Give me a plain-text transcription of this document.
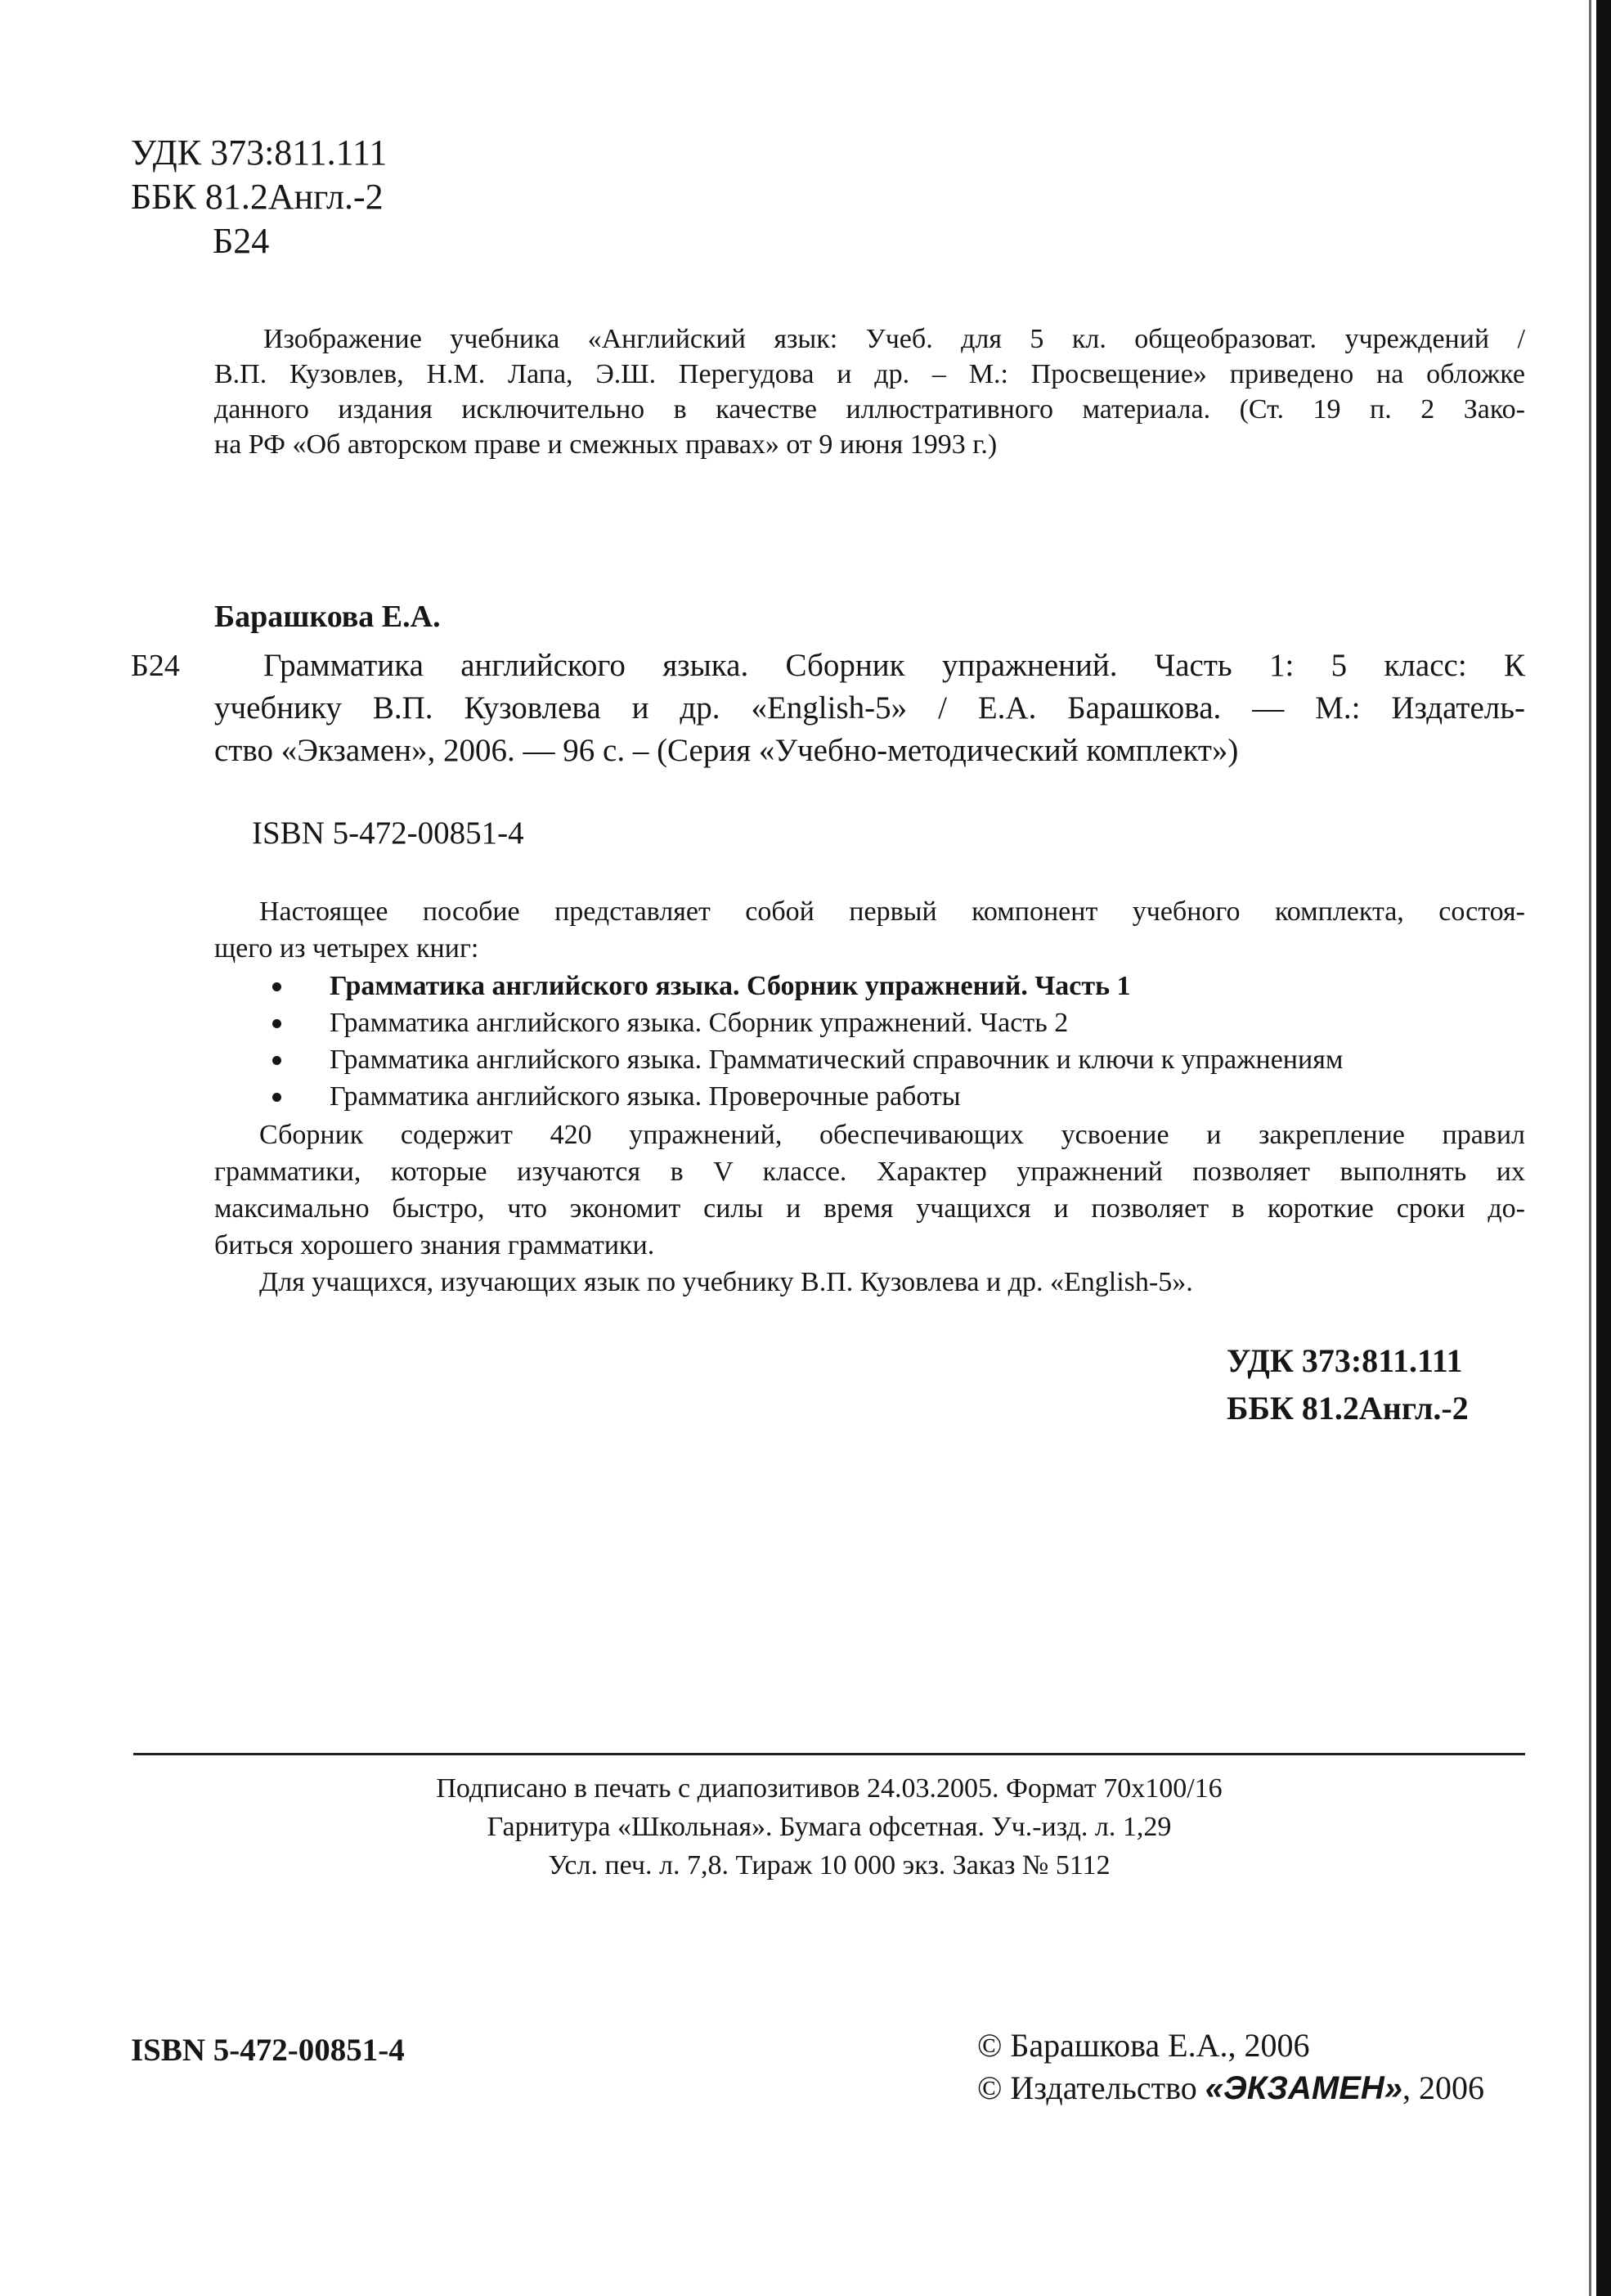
УДК 373:811.111
ББК 81.2Англ.-2
Б24
Изображение учебника «Английский язык: Учеб. для 5 кл. общеобразоват. учреждений /
В.П. Кузовлев, Н.М. Лапа, Э.Ш. Перегудова и др. – М.: Просвещение» приведено на обложке
данного издания исключительно в качестве иллюстративного материала. (Ст. 19 п. 2 Зако-
на РФ «Об авторском праве и смежных правах» от 9 июня 1993 г.)
Барашкова Е.А.
Б24	Грамматика английского языка. Сборник упражнений. Часть 1: 5 класс: К
учебнику В.П. Кузовлева и др. «English-5» / Е.А. Барашкова. — М.: Издатель-
ство «Экзамен», 2006. — 96 с. – (Серия «Учебно-методический комплект»)
ISBN 5-472-00851-4
Настоящее пособие представляет собой первый компонент учебного комплекта, состоя-
щего из четырех книг:
Грамматика английского языка. Сборник упражнений. Часть 1
Грамматика английского языка. Сборник упражнений. Часть 2
Грамматика английского языка. Грамматический справочник и ключи к упражнениям
Грамматика английского языка. Проверочные работы
Сборник содержит 420 упражнений, обеспечивающих усвоение и закрепление правил
грамматики, которые изучаются в V классе. Характер упражнений позволяет выполнять их
максимально быстро, что экономит силы и время учащихся и позволяет в короткие сроки до-
биться хорошего знания грамматики.
Для учащихся, изучающих язык по учебнику В.П. Кузовлева и др. «English-5».
УДК 373:811.111
ББК 81.2Англ.-2
Подписано в печать с диапозитивов 24.03.2005. Формат 70х100/16
Гарнитура «Школьная». Бумага офсетная. Уч.-изд. л. 1,29
Усл. печ. л. 7,8. Тираж 10 000 экз. Заказ № 5112
ISBN 5-472-00851-4	© Барашкова Е.А., 2006
© Издательство «ЭКЗАМЕН», 2006
